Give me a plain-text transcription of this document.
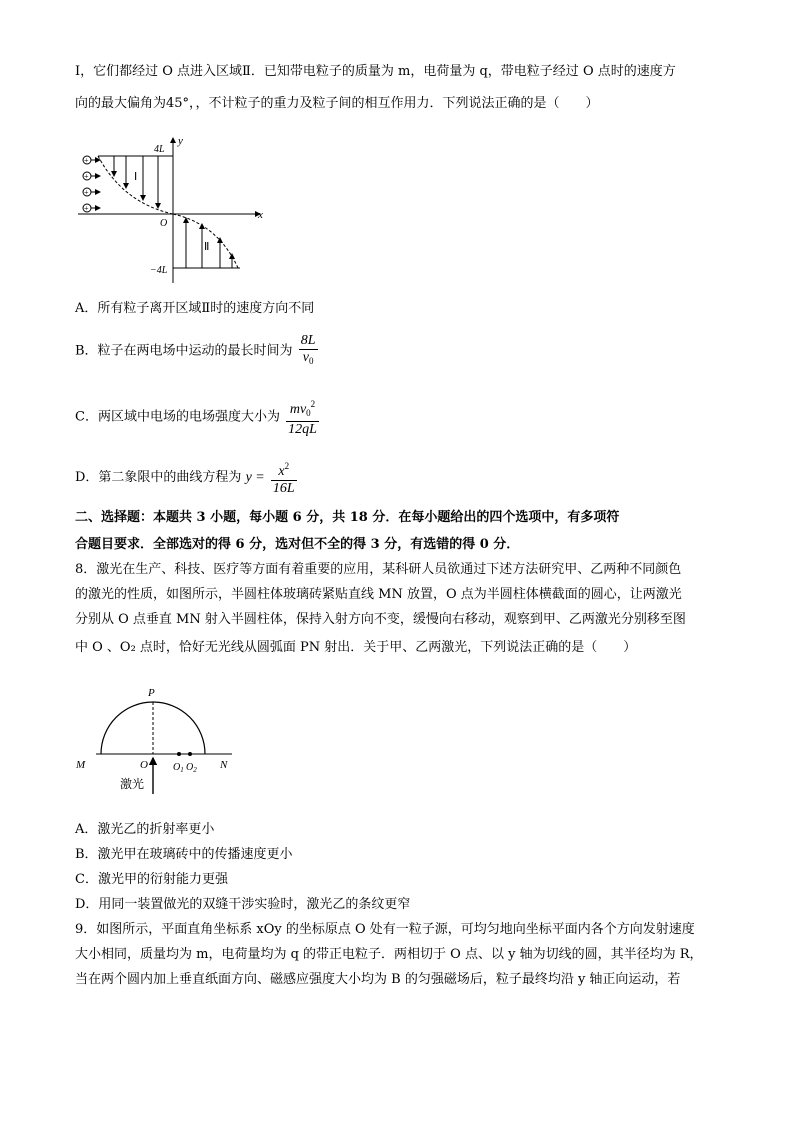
Ⅰ，它们都经过 O 点进入区域Ⅱ．已知带电粒子的质量为 m，电荷量为 q，带电粒子经过 O 点时的速度方
向的最大偏角为45°，，不计粒子的重力及粒子间的相互作用力．下列说法正确的是（　　）
y
x
O
4L
Ⅰ
+
+
+
+
Ⅱ
−4L
A．所有粒子离开区域Ⅱ时的速度方向不同
B．粒子在两电场中运动的最长时间为 $\frac{8L}{v_0}$
C．两区域中电场的电场强度大小为 $\frac{mv_0^2}{12qL}$
D．第二象限中的曲线方程为 $y = \frac{x^2}{16L}$
二、选择题：本题共 3 小题，每小题 6 分，共 18 分．在每小题给出的四个选项中，有多项符
合题目要求．全部选对的得 6 分，选对但不全的得 3 分，有选错的得 0 分．
8．激光在生产、科技、医疗等方面有着重要的应用，某科研人员欲通过下述方法研究甲、乙两种不同颜色
的激光的性质，如图所示，半圆柱体玻璃砖紧贴直线 MN 放置，O 点为半圆柱体横截面的圆心，让两激光
分别从 O 点垂直 MN 射入半圆柱体，保持入射方向不变，缓慢向右移动，观察到甲、乙两激光分别移至图
中 O 、O₂ 点时，恰好无光线从圆弧面 PN 射出．关于甲、乙两激光，下列说法正确的是（　　）
P
M	N
O	$O_1$ $O_2$
激光
A．激光乙的折射率更小
B．激光甲在玻璃砖中的传播速度更小
C．激光甲的衍射能力更强
D．用同一装置做光的双缝干涉实验时，激光乙的条纹更窄
9．如图所示，平面直角坐标系 xOy 的坐标原点 O 处有一粒子源，可均匀地向坐标平面内各个方向发射速度
大小相同，质量均为 m，电荷量均为 q 的带正电粒子．两相切于 O 点、以 y 轴为切线的圆，其半径均为 R，
当在两个圆内加上垂直纸面方向、磁感应强度大小均为 B 的匀强磁场后，粒子最终均沿 y 轴正向运动，若
